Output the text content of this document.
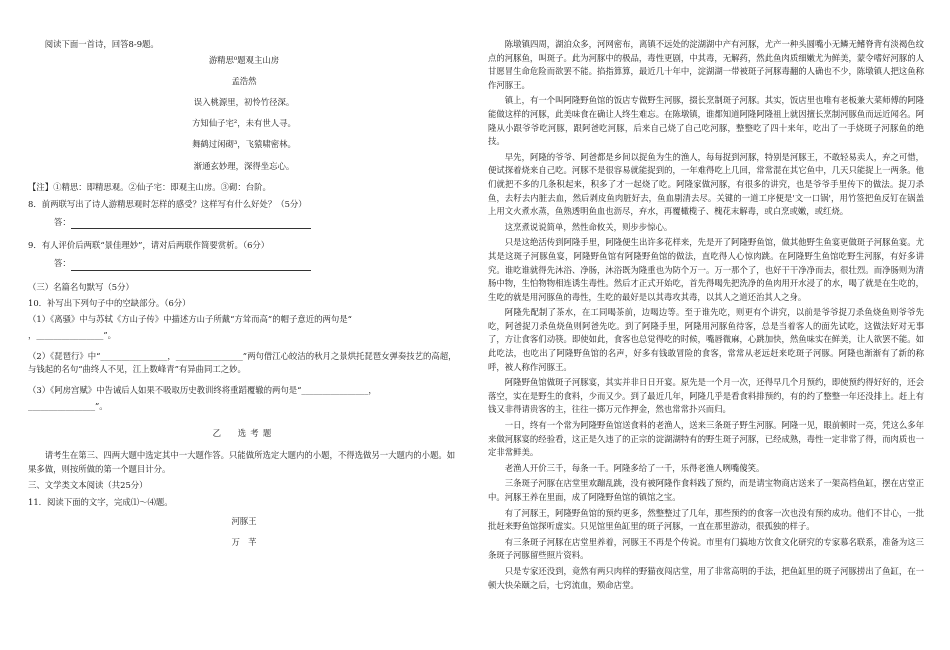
阅读下面一首诗，回答8-9题。

游精思⁰题观主山房

孟浩然

误入桃源里，初怜竹径深。

方知仙子宅²，未有世人寻。

舞鹤过闲砌³，飞猿啸密林。

渐通玄妙理，深得坐忘心。

【注】①精思：即精思观。②仙子宅：即观主山房。③砌：台阶。

8．前两联写出了诗人游精思观时怎样的感受？这样写有什么好处？（5分）

答：

9．有人评价后两联“景佳理妙”，请对后两联作简要赏析。（6分）

答：

（三）名篇名句默写（5分）

10．补写出下列句子中的空缺部分。（6分）

（1）《离骚》中与苏轼《方山子传》中描述方山子所戴“方耸而高”的帽子意近的两句是“

，________________”。

（2）《琵琶行》中“________________，________________”两句借江心皎洁的秋月之景烘托琵琶女弹奏技艺的高超，与钱起的名句“曲终人不见，江上数峰青”有异曲同工之妙。

（3）《阿房宫赋》中告诫后人如果不吸取历史教训终将重蹈覆辙的两句是“________________，

________________”。

乙　选考题

请考生在第三、四两大题中选定其中一大题作答。只能做所选定大题内的小题，不得选做另一大题内的小题。如果多做，则按所做的第一个题目计分。

三、文学类文本阅读（共25分）

11．阅读下面的文字，完成⑴～⑷题。

河豚王

万　芊

陈墩镇四周，湖泊众多，河网密布，离镇不远处的淀湖湖中产有河豚，尤产一种头圆嘴小无鳞无鳍脊背有淡褐色纹点的河豚鱼，叫斑子。此为河豚中的极品，毒性更剧，中其毒，无解药，然此鱼肉质细嫩尤为鲜美，蒙令嗜好河豚的人甘愿冒生命危险而欲罢不能。掐指算算，最近几十年中，淀湖湖一带被斑子河豚毒翻的人确也不少，陈墩镇人把这鱼称作河豚王。

镇上，有一个叫阿隆野鱼馆的饭店专做野生河豚，掇长烹制斑子河豚。其实，饭店里也唯有老板兼大菜师傅的阿隆能做这样的河豚，此美味食在确让人终生难忘。在陈墩镇，谁都知道阿隆阿隆祖上就因擅长烹制河豚鱼而远近闻名。阿隆从小跟爷爷吃河豚，跟阿爸吃河豚，后来自己烧了自己吃河豚，整整吃了四十来年，吃出了一手烧斑子河豚鱼的绝技。

早先，阿隆的爷爷、阿爸都是乡间以捉鱼为生的渔人，每每捉到河豚，特别是河豚王，不敢轻易卖人，弃之可惜，便试探着烧来自己吃。河豚不是很容易就能捉到的，一年难得吃上几回，常常混在其它鱼中，几天只能捉上一两条。他们就把不多的几条积起来，积多了才一起烧了吃。阿隆家做河豚，有很多的讲究，也是爷爷手里传下的做法。捉刀杀鱼，去籽去内脏去血，然后剥皮鱼肉脏好去，鱼血剔清去尽。关键的一道工序便是'文一口锅'，用竹签把鱼反钉在锅盖上用文火煮水蒸，鱼熟透明鱼血也沥尽，弃水，再覆橄榄子、槐花末解毒，或白烹或嫩，或红烧。

这烹煮说说简单，然性命攸关，则步步惊心。

只是这绝活传到阿隆手里，阿隆便生出许多花样来，先是开了阿隆野鱼馆，做其他野生鱼宴更做斑子河豚鱼宴。尤其是这斑子河豚鱼宴，阿隆野鱼馆有阿隆野鱼馆的做法，直吃得人心惊肉跳。在阿隆野生鱼馆吃野生河豚，有好多讲究。谁吃谁就得先沐浴、净肠，沐浴既为隆重也为防个万一。万一那个了，也好干干净净而去，很壮烈。而净肠则为清肠中物，生怕物物相连诱生毒性。然后才正式开始吃，首先得喝先把洗净的鱼肉用开水浸了的水，喝了就是在生吃的，生吃的就是用河豚鱼的毒性，生吃的最好是以其毒攻其毒，以其人之道还治其人之身。

阿隆先配制了茶水，在工同喝茶前，边喝边等。至于谁先吃，则更有个讲究，以前是爷爷捉刀杀鱼烧鱼则爷爷先吃，阿爸捉刀杀鱼烧鱼则阿爸先吃。到了阿隆手里，阿隆用河豚鱼待客，总是当着客人的面先试吃，这做法好对无事了，方让食客们动筷。即使如此，食客也总觉得吃的时候，嘴唇微麻，心跳加快，然鱼味实在鲜美，让人欲罢不能。如此吃法，也吃出了阿隆野鱼馆的名声，好多有钱敢冒险的食客，常常从老远赶来吃斑子河豚。阿隆也渐渐有了新的称呼，被人称作河豚王。

阿隆野鱼馆做斑子河豚宴，其实并非日日开宴。原先是一个月一次，还得早几个月预约，即使预约得好好的，还会落空，实在是野生的食料，少而又少。到了最近几年，阿隆几乎是看食料排预约，有的约了整整一年还没排上。赶上有钱又非得请贵客的主，往往一掷万元作押金，然也常常扑兴而归。

一日，终有一个常为阿隆野鱼馆送食料的老渔人，送来三条斑子野生河豚。阿隆一见，眼前顿时一亮，凭这么多年来做河豚宴的经验看，这正是久违了的正宗的淀湖湖特有的野生斑子河豚，已经成熟，毒性一定非常了得，而肉质也一定非常鲜美。

老渔人开价三千，每条一千。阿隆多给了一千，乐得老渔人咧嘴傻笑。

三条斑子河豚在店堂里欢蹦乱跳，没有被阿隆作食料践了预约，而是请宝物商店送来了一架高档鱼缸，摆在店堂正中。河豚王养在里面，成了阿隆野鱼馆的镇馆之宝。

有了河豚王，阿隆野鱼馆的预约更多，然整整过了几年，那些预约的食客一次也没有预约成功。他们不甘心，一批批赶来野鱼馆探听虚实。只见馆里鱼缸里的斑子河豚，一直在那里游动，很孤独的样子。

有三条斑子河豚在店堂里养着，河豚王不再是个传说。市里有门搞地方饮食文化研究的专家慕名联系，准备为这三条斑子河豚留些照片资料。

只是专家还没到，竟然有两只肉样的野猫夜闯店堂，用了非常高明的手法，把鱼缸里的斑子河豚捞出了鱼缸，在一顿大快朵颐之后，七窍流血，殒命店堂。
